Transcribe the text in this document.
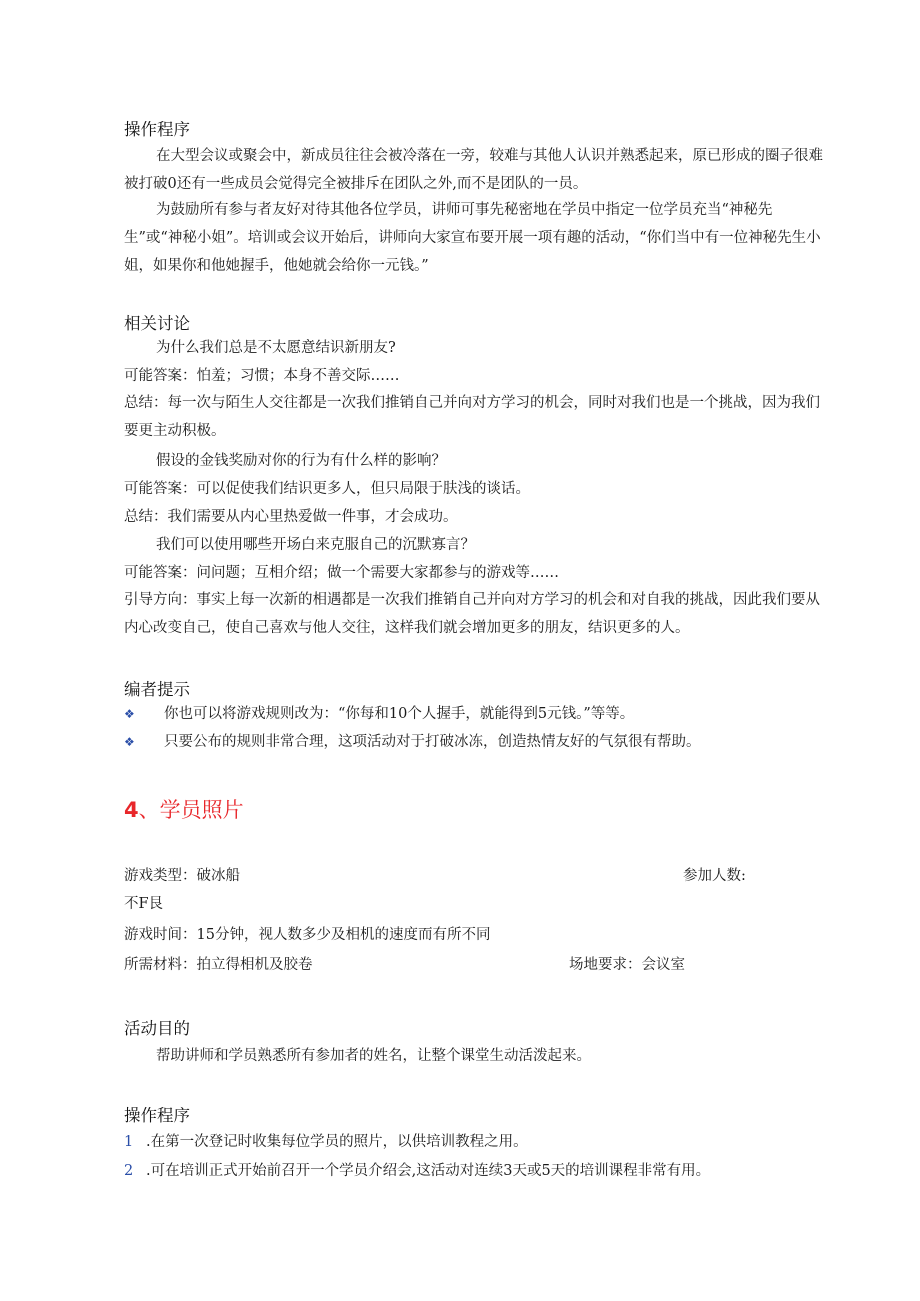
操作程序
在大型会议或聚会中，新成员往往会被冷落在一旁，较难与其他人认识并熟悉起来，原已形成的圈子很难被打破0还有一些成员会觉得完全被排斥在团队之外,而不是团队的一员。
为鼓励所有参与者友好对待其他各位学员，讲师可事先秘密地在学员中指定一位学员充当“神秘先生”或“神秘小姐”。培训或会议开始后，讲师向大家宣布要开展一项有趣的活动，“你们当中有一位神秘先生小姐，如果你和他她握手，他她就会给你一元钱。”
相关讨论
为什么我们总是不太愿意结识新朋友?
可能答案：怕羞；习惯；本身不善交际……
总结：每一次与陌生人交往都是一次我们推销自己并向对方学习的机会，同时对我们也是一个挑战，因为我们要更主动积极。
假设的金钱奖励对你的行为有什么样的影响？
可能答案：可以促使我们结识更多人，但只局限于肤浅的谈话。
总结：我们需要从内心里热爱做一件事，才会成功。
我们可以使用哪些开场白来克服自己的沉默寡言？
可能答案：问问题；互相介绍；做一个需要大家都参与的游戏等……
引导方向：事实上每一次新的相遇都是一次我们推销自己并向对方学习的机会和对自我的挑战，因此我们要从内心改变自己，使自己喜欢与他人交往，这样我们就会增加更多的朋友，结识更多的人。
编者提示
❖ 你也可以将游戏规则改为：“你每和10个人握手，就能得到5元钱。”等等。
❖ 只要公布的规则非常合理，这项活动对于打破冰冻，创造热情友好的气氛很有帮助。
4、学员照片
游戏类型：破冰船	参加人数:
不F艮
游戏时间：15分钟，视人数多少及相机的速度而有所不同
所需材料：拍立得相机及胶卷	场地要求：会议室
活动目的
帮助讲师和学员熟悉所有参加者的姓名，让整个课堂生动活泼起来。
操作程序
1 .在第一次登记时收集每位学员的照片，以供培训教程之用。
2 .可在培训正式开始前召开一个学员介绍会,这活动对连续3天或5天的培训课程非常有用。
